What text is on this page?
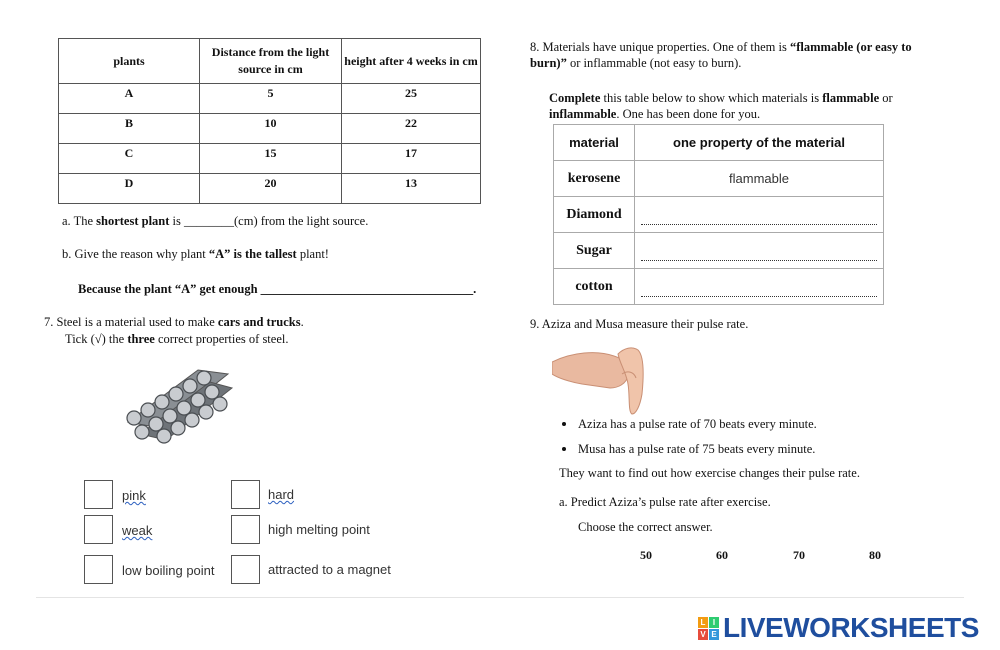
plants	Distance from the light source in cm	height after 4 weeks in cm
A	5	25
B	10	22
C	15	17
D	20	13
a. The shortest plant is ________(cm) from the light source.
b. Give the reason why plant “A” is the tallest plant!
Because the plant “A” get enough __________________________________.
7. Steel is a material used to make cars and trucks.
Tick (√) the three correct properties of steel.
pink	hard
weak	high melting point
low boiling point	attracted to a magnet
8. Materials have unique properties. One of them is “flammable (or easy to burn)” or inflammable (not easy to burn).
Complete this table below to show which materials is flammable or inflammable. One has been done for you.
material	one property of the material
kerosene	flammable
Diamond	

Sugar	

cotton	
9. Aziza and Musa measure their pulse rate.
Aziza has a pulse rate of 70 beats every minute.
Musa has a pulse rate of 75 beats every minute.
They want to find out how exercise changes their pulse rate.
a. Predict Aziza’s pulse rate after exercise.
Choose the correct answer.
50	60	70	80
L I
V E LIVEWORKSHEETS
